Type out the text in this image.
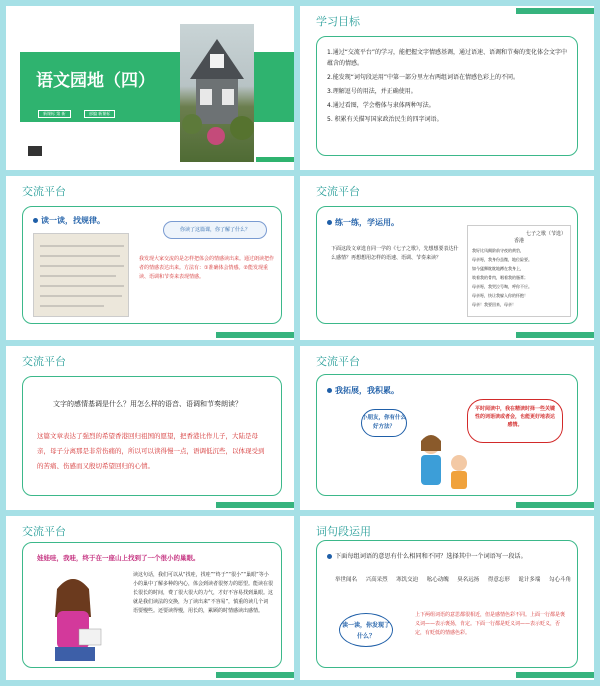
语文园地（四）
新课标 第 新	部编 新课标
学习目标
1.通过“交流平台”的学习，能把握文字情感基调，通过语速、语调和节奏的变化体会文字中蕴含的情感。
2.能发现“词句段运用”中第一部分里左右两组词语在情感色彩上的不同。
3.理解逗号的用法，并正确使用。
4.通过看图，学会楷体与隶体两种写法。
5. 积累有关描写国家政治民生的四字词语。
交流平台
读一读，找规律。
你读了这篇课，你了解了什么？
我发现大家交流的是怎样把体会的情感读出来。通过朗读把作者的情感表达出来。方法有：①准确体会情感。②能发现重读、语调和节奏来表现情感。
交流平台
练一练，学运用。
下面这段文章选自同一学的《七子之歌》，先想想要表达什么感情？再想想用怎样的语速、语调、节奏来读？
七子之歌（节选）
香港
我好比凤阙阶前守夜的黄豹，
母亲呀，我身份虽微，地位险要。
如今猛狮眈眈地蹲在我身上，
啖着我的骨肉，咽着我的脂膏；
母亲呀，我哭泣号啕，呼你不应。
母亲呀，快让我躲入你的怀抱！
母亲！我要回来，母亲！
交流平台
文字的感情基调是什么？用怎么样的语音、语调和节奏朗读？
这篇文章表达了强烈的希望香港回归祖国的愿望，把香港比作儿子，大陆是母亲，母子分离那是非常伤痛的，所以可以读得慢一点，语调低沉些，以体现受到的苦痛、伤感而又殷切希望回归的心情。
交流平台
我拓展，我积累。
小朋友，你有什么好方法？
平时阅读中，我在精读时择一些关键性的词语读或者会，也能更好地表达感情。
交流平台
娃娃哇，我哇，终于在一座山上找到了一个很小的巢眼。
读这句话，我们可以从“找哇，找哇”“终于”“很小”“巢眼”等小小的巢中了解多种的内心，体会到读者很努力的愿望。能读在很长很长的时间，费了很大很大的力气，才好不容易找到巢眼。这就是我们读法的交换，为了读出来“不容易”，慎重的读几个词语要慢些。还要读得慢，用长的，累顾的时情感读出感情。
词句段运用
下面每组词语的意思有什么相同和不同？选择其中一个词语写一段话。
举世闻名 兴高采烈 寒饥交迫 吆心动魄 臭名远扬 得意忘形 诡计多端 勾心斗角
读一读，你发现了什么？
上下两组词语的意思都很相近，但是感情色彩不同。上面一行都是褒义词——表示褒扬，肯定。下面一行都是贬义词——表示贬义，否定，有贬低的情感色彩。
